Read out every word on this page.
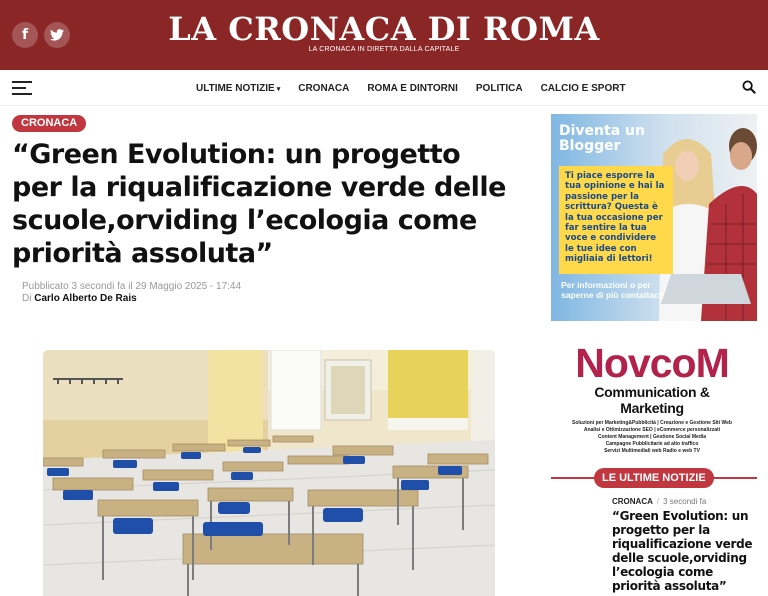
f	LA CRONACA DI ROMA
LA CRONACA IN DIRETTA DALLA CAPITALE
ULTIME NOTIZIE ▾ CRONACA ROMA E DINTORNI POLITICA CALCIO E SPORT
CRONACA
“Green Evolution: un progetto per la riqualificazione verde delle scuole,orviding l’ecologia come priorità assoluta”
Pubblicato 3 secondi fa il 29 Maggio 2025 - 17:44
Di Carlo Alberto De Rais
Diventa un
Blogger
Ti piace esporre la tua opinione e hai la passione per la scrittura? Questa è la tua occasione per far sentire la tua voce e condividere le tue idee con migliaia di lettori!
Per informazioni o per saperne di più contattaci!
NovcoM
Communication & Marketing
Soluzioni per Marketing&Pubblicità | Creazione e Gestione Siti Web
Analisi e Ottimizzazione SEO | eCommerce personalizzati
Content Management | Gestione Social Media
Campagne Pubblicitarie ad alto traffico
Servizi Multimediali web Radio e web TV
LE ULTIME NOTIZIE
CRONACA / 3 secondi fa
“Green Evolution: un progetto per la riqualificazione verde delle scuole,orviding l’ecologia come priorità assoluta”
